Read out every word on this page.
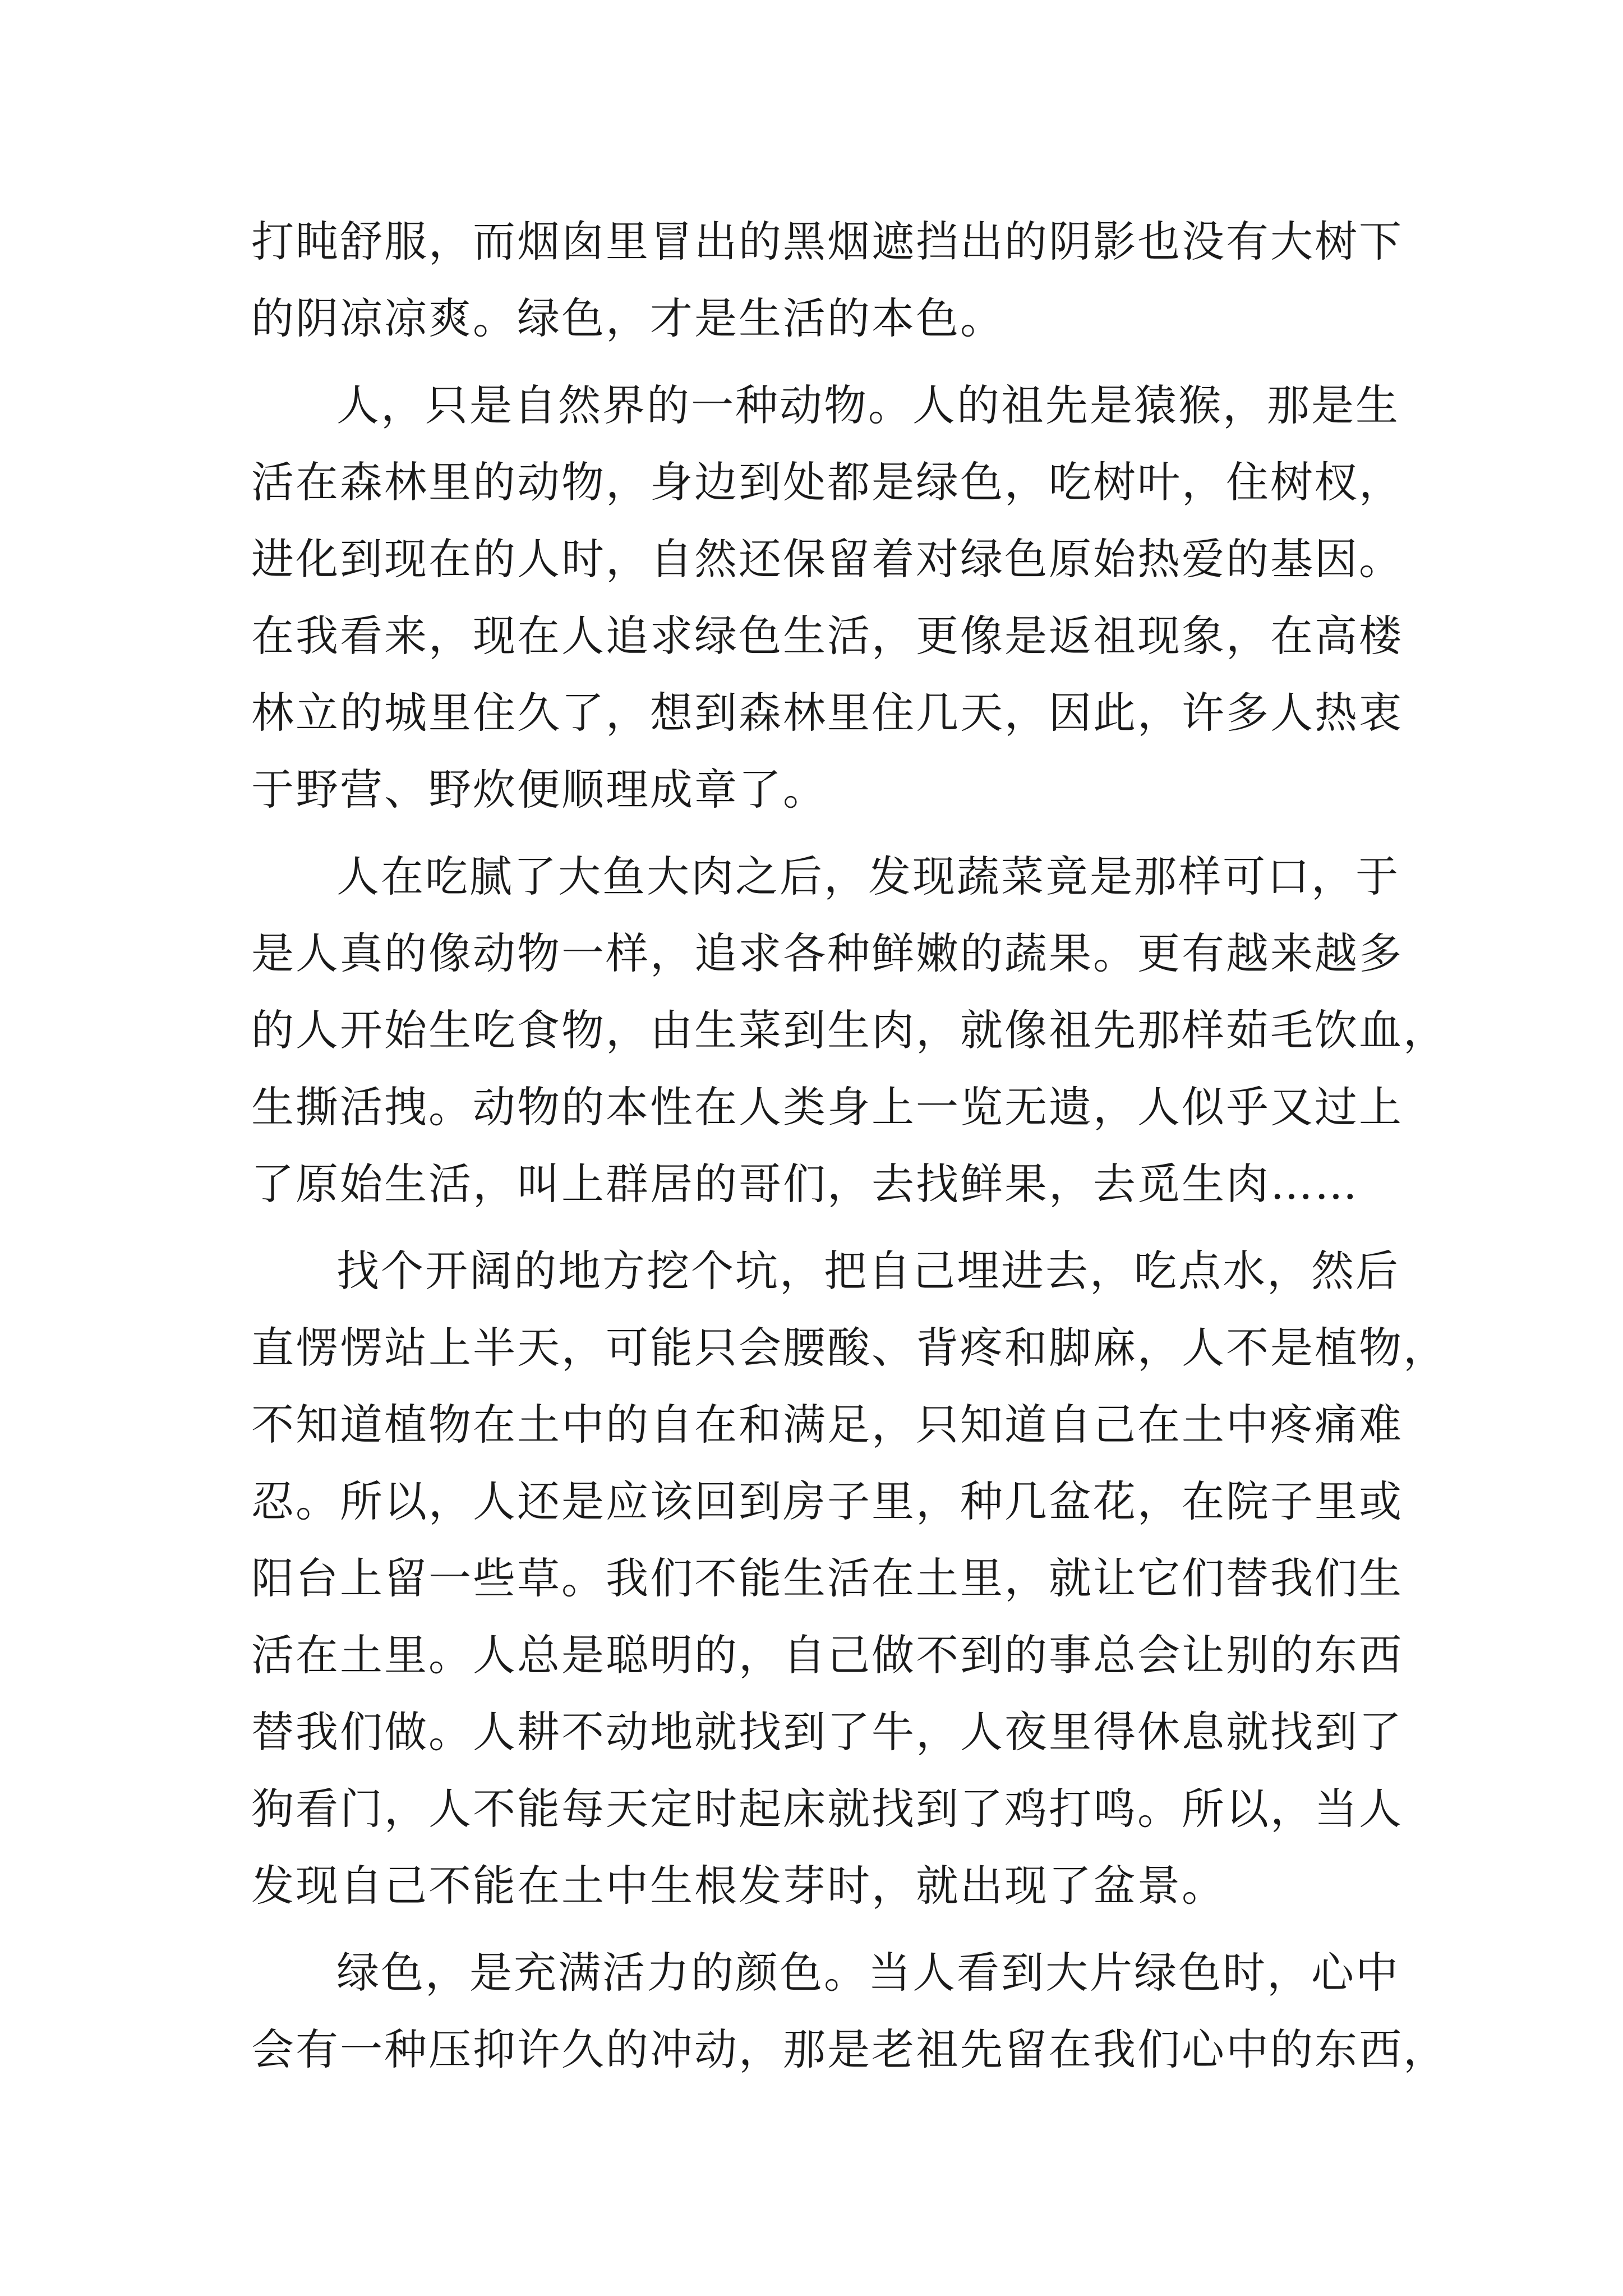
打盹舒服，而烟囱里冒出的黑烟遮挡出的阴影也没有大树下
的阴凉凉爽。绿色，才是生活的本色。
人，只是自然界的一种动物。人的祖先是猿猴，那是生
活在森林里的动物，身边到处都是绿色，吃树叶，住树杈，
进化到现在的人时，自然还保留着对绿色原始热爱的基因。
在我看来，现在人追求绿色生活，更像是返祖现象，在高楼
林立的城里住久了，想到森林里住几天，因此，许多人热衷
于野营、野炊便顺理成章了。
人在吃腻了大鱼大肉之后，发现蔬菜竟是那样可口，于
是人真的像动物一样，追求各种鲜嫩的蔬果。更有越来越多
的人开始生吃食物，由生菜到生肉，就像祖先那样茹毛饮血，
生撕活拽。动物的本性在人类身上一览无遗，人似乎又过上
了原始生活，叫上群居的哥们，去找鲜果，去觅生肉……
找个开阔的地方挖个坑，把自己埋进去，吃点水，然后
直愣愣站上半天，可能只会腰酸、背疼和脚麻，人不是植物，
不知道植物在土中的自在和满足，只知道自己在土中疼痛难
忍。所以，人还是应该回到房子里，种几盆花，在院子里或
阳台上留一些草。我们不能生活在土里，就让它们替我们生
活在土里。人总是聪明的，自己做不到的事总会让别的东西
替我们做。人耕不动地就找到了牛，人夜里得休息就找到了
狗看门，人不能每天定时起床就找到了鸡打鸣。所以，当人
发现自己不能在土中生根发芽时，就出现了盆景。
绿色，是充满活力的颜色。当人看到大片绿色时，心中
会有一种压抑许久的冲动，那是老祖先留在我们心中的东西，
